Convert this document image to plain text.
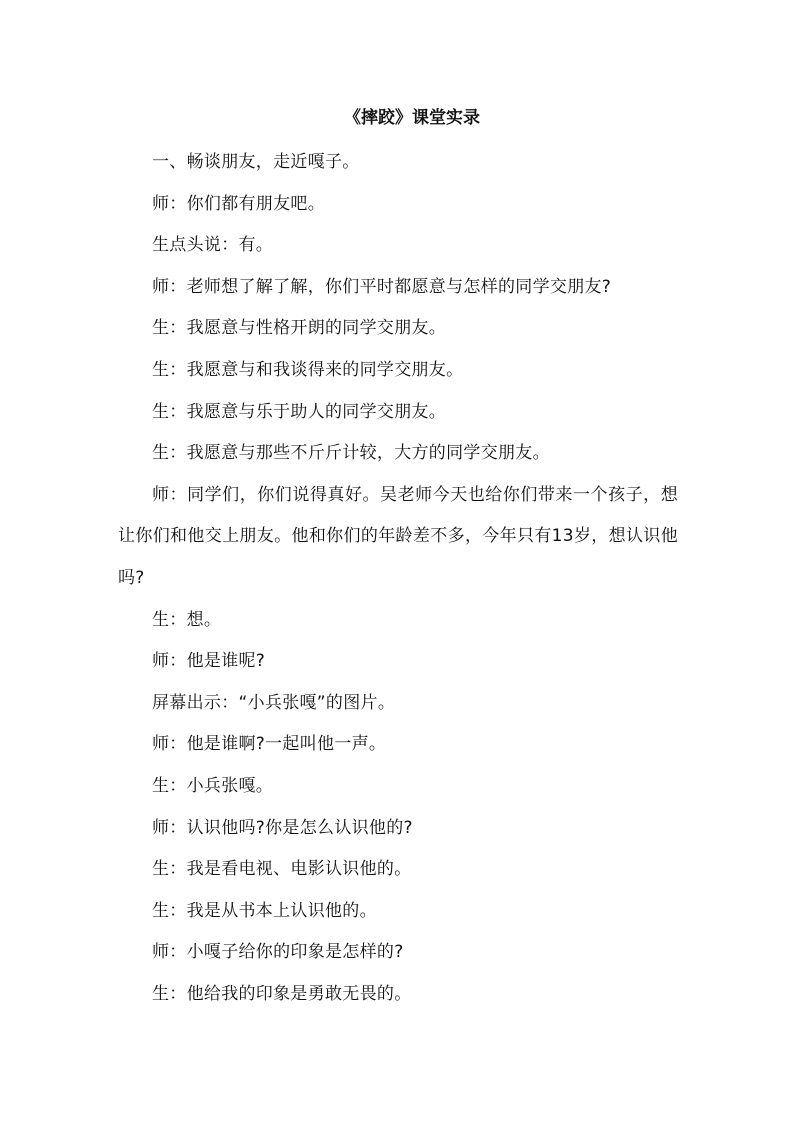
《摔跤》课堂实录

一、畅谈朋友，走近嘎子。

师：你们都有朋友吧。

生点头说：有。

师：老师想了解了解，你们平时都愿意与怎样的同学交朋友?

生：我愿意与性格开朗的同学交朋友。

生：我愿意与和我谈得来的同学交朋友。

生：我愿意与乐于助人的同学交朋友。

生：我愿意与那些不斤斤计较，大方的同学交朋友。

师：同学们，你们说得真好。吴老师今天也给你们带来一个孩子，想让你们和他交上朋友。他和你们的年龄差不多，今年只有13岁，想认识他吗?

生：想。

师：他是谁呢?

屏幕出示：“小兵张嘎”的图片。

师：他是谁啊?一起叫他一声。

生：小兵张嘎。

师：认识他吗?你是怎么认识他的?

生：我是看电视、电影认识他的。

生：我是从书本上认识他的。

师：小嘎子给你的印象是怎样的?

生：他给我的印象是勇敢无畏的。
